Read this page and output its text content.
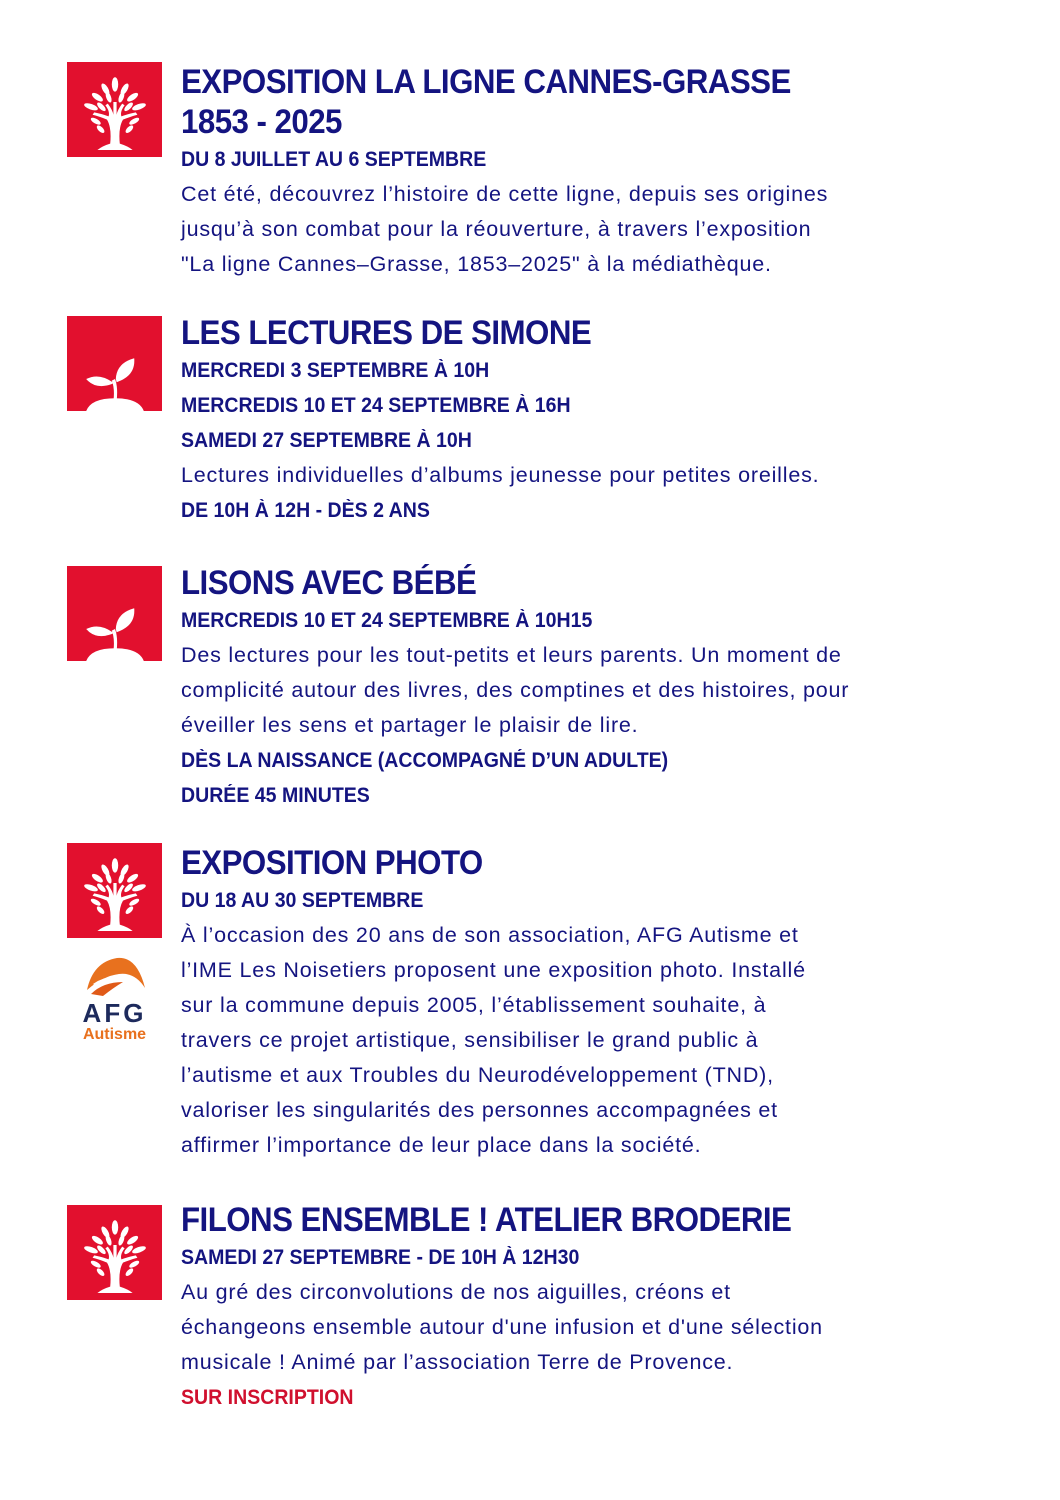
EXPOSITION LA LIGNE CANNES-GRASSE
1853 - 2025
DU 8 JUILLET AU 6 SEPTEMBRE
Cet été, découvrez l’histoire de cette ligne, depuis ses origines
jusqu’à son combat pour la réouverture, à travers l’exposition
"La ligne Cannes–Grasse, 1853–2025" à la médiathèque.
LES LECTURES DE SIMONE
MERCREDI 3 SEPTEMBRE À 10H
MERCREDIS 10 ET 24 SEPTEMBRE À 16H
SAMEDI 27 SEPTEMBRE À 10H
Lectures individuelles d’albums jeunesse pour petites oreilles.
DE 10H À 12H - DÈS 2 ANS
LISONS AVEC BÉBÉ
MERCREDIS 10 ET 24 SEPTEMBRE À 10H15
Des lectures pour les tout-petits et leurs parents. Un moment de
complicité autour des livres, des comptines et des histoires, pour
éveiller les sens et partager le plaisir de lire.
DÈS LA NAISSANCE (ACCOMPAGNÉ D’UN ADULTE)
DURÉE 45 MINUTES
AFG
Autisme
EXPOSITION PHOTO
DU 18 AU 30 SEPTEMBRE
À l’occasion des 20 ans de son association, AFG Autisme et
l’IME Les Noisetiers proposent une exposition photo. Installé
sur la commune depuis 2005, l’établissement souhaite, à
travers ce projet artistique, sensibiliser le grand public à
l’autisme et aux Troubles du Neurodéveloppement (TND),
valoriser les singularités des personnes accompagnées et
affirmer l’importance de leur place dans la société.
FILONS ENSEMBLE ! ATELIER BRODERIE
SAMEDI 27 SEPTEMBRE - DE 10H À 12H30
Au gré des circonvolutions de nos aiguilles, créons et
échangeons ensemble autour d'une infusion et d'une sélection
musicale ! Animé par l’association Terre de Provence.
SUR INSCRIPTION
